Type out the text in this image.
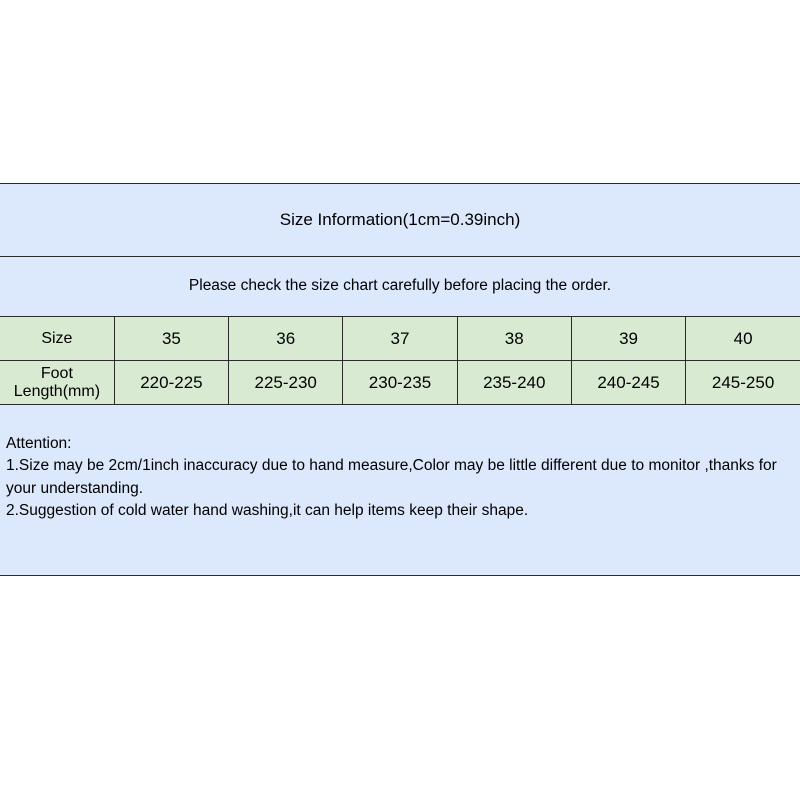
Size Information(1cm=0.39inch)
Please check the size chart carefully before placing the order.
Size	35	36	37	38	39	40
Foot Length(mm)	220-225	225-230	230-235	235-240	240-245	245-250
Attention:
1.Size may be 2cm/1inch inaccuracy due to hand measure,Color may be little different due to monitor ,thanks for your understanding.
2.Suggestion of cold water hand washing,it can help items keep their shape.
